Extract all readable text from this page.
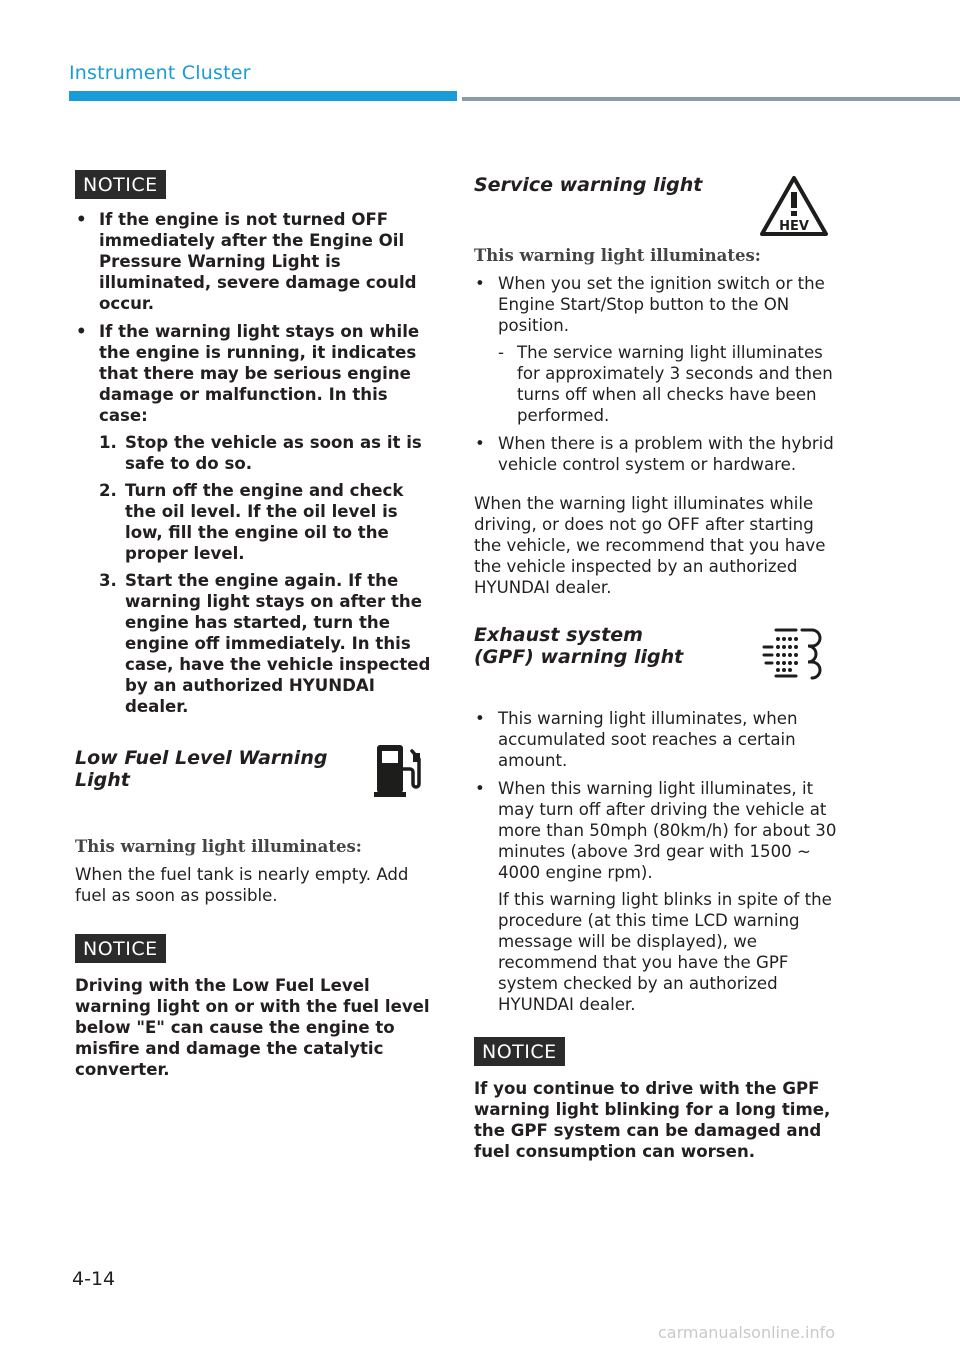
Instrument Cluster
NOTICE
• If the engine is not turned OFF immediately after the Engine Oil Pressure Warning Light is illuminated, severe damage could occur.
• If the warning light stays on while the engine is running, it indicates that there may be serious engine damage or malfunction. In this case:
1. Stop the vehicle as soon as it is safe to do so.
2. Turn off the engine and check the oil level. If the oil level is low, fill the engine oil to the proper level.
3. Start the engine again. If the warning light stays on after the engine has started, turn the engine off immediately. In this case, have the vehicle inspected by an authorized HYUNDAI dealer.
Low Fuel Level Warning Light

This warning light illuminates:

When the fuel tank is nearly empty. Add fuel as soon as possible.

NOTICE

Driving with the Low Fuel Level warning light on or with the fuel level below "E" can cause the engine to misfire and damage the catalytic converter.

Service warning light
HEV

This warning light illuminates:

• When you set the ignition switch or the Engine Start/Stop button to the ON position.
- The service warning light illuminates for approximately 3 seconds and then turns off when all checks have been performed.
• When there is a problem with the hybrid vehicle control system or hardware.

When the warning light illuminates while driving, or does not go OFF after starting the vehicle, we recommend that you have the vehicle inspected by an authorized HYUNDAI dealer.

Exhaust system (GPF) warning light
• This warning light illuminates, when accumulated soot reaches a certain amount.
• When this warning light illuminates, it may turn off after driving the vehicle at more than 50mph (80km/h) for about 30 minutes (above 3rd gear with 1500 ~ 4000 engine rpm).
If this warning light blinks in spite of the procedure (at this time LCD warning message will be displayed), we recommend that you have the GPF system checked by an authorized HYUNDAI dealer.
NOTICE

If you continue to drive with the GPF warning light blinking for a long time, the GPF system can be damaged and fuel consumption can worsen.

4-14
carmanualsonline.info
